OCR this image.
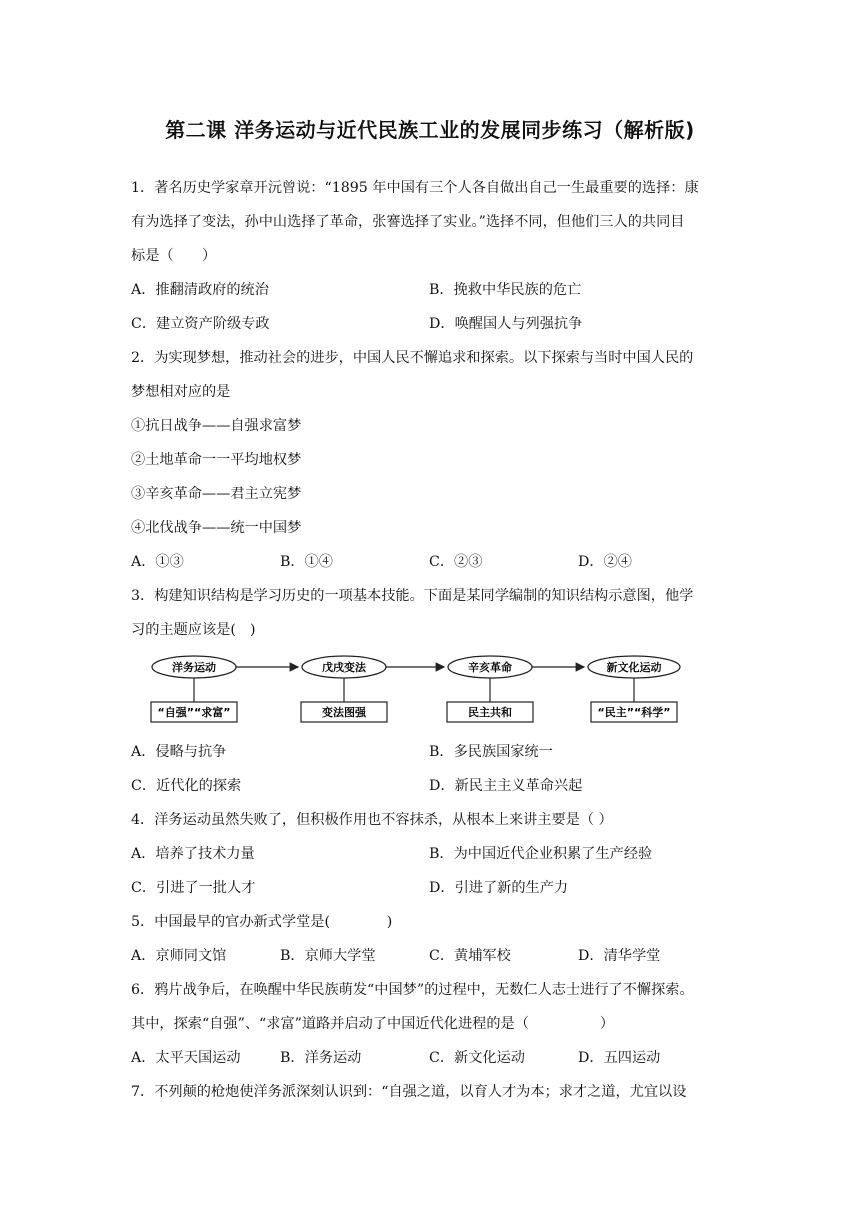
第二课 洋务运动与近代民族工业的发展同步练习（解析版)
1．著名历史学家章开沅曾说：“1895 年中国有三个人各自做出自己一生最重要的选择：康
有为选择了变法，孙中山选择了革命，张謇选择了实业。”选择不同，但他们三人的共同目
标是（　　）
A．推翻清政府的统治	B．挽救中华民族的危亡
C．建立资产阶级专政	D．唤醒国人与列强抗争
2．为实现梦想，推动社会的进步，中国人民不懈追求和探索。以下探索与当时中国人民的
梦想相对应的是
①抗日战争——自强求富梦
②土地革命一一平均地权梦
③辛亥革命——君主立宪梦
④北伐战争——统一中国梦
A．①③	B．①④	C．②③	D．②④
3．构建知识结构是学习历史的一项基本技能。下面是某同学编制的知识结构示意图，他学
习的主题应该是(　)
洋务运动	戊戌变法	辛亥革命	新文化运动
“自强”“求富”	变法图强	民主共和	“民主”“科学”
A．侵略与抗争	B．多民族国家统一
C．近代化的探索	D．新民主主义革命兴起
4．洋务运动虽然失败了，但积极作用也不容抹杀，从根本上来讲主要是（ ）
A．培养了技术力量	B．为中国近代企业积累了生产经验
C．引进了一批人才	D．引进了新的生产力
5．中国最早的官办新式学堂是(　　　　)
A．京师同文馆	B．京师大学堂	C．黄埔军校	D．清华学堂
6．鸦片战争后，在唤醒中华民族萌发“中国梦”的过程中，无数仁人志士进行了不懈探索。
其中，探索“自强”、“求富”道路并启动了中国近代化进程的是（　　　　　）
A．太平天国运动	B．洋务运动	C．新文化运动	D．五四运动
7．不列颠的枪炮使洋务派深刻认识到：“自强之道，以育人才为本；求才之道，尤宜以设
